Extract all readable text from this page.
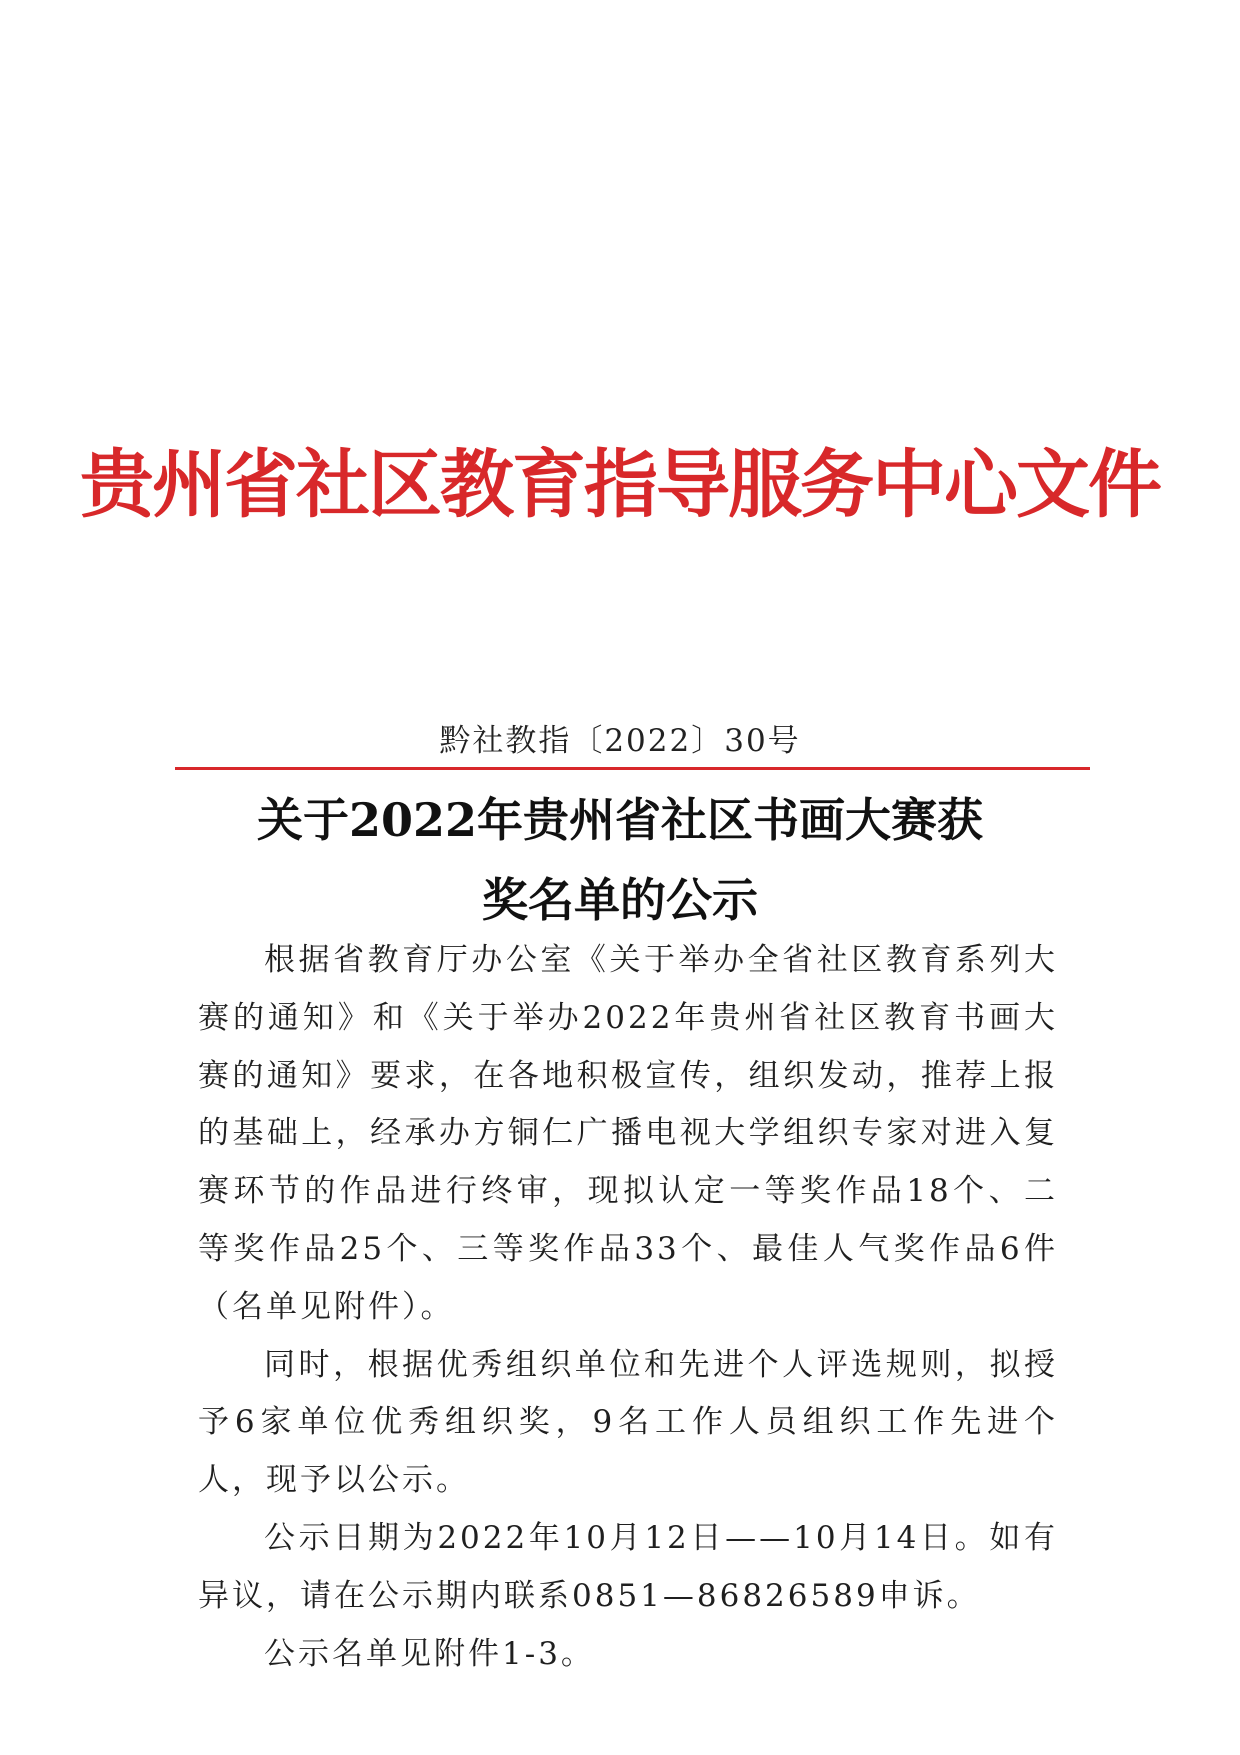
贵州省社区教育指导服务中心文件
黔社教指〔2022〕30号
关于2022年贵州省社区书画大赛获
奖名单的公示

根据省教育厅办公室《关于举办全省社区教育系列大赛的通知》和《关于举办2022年贵州省社区教育书画大赛的通知》要求，在各地积极宣传，组织发动，推荐上报的基础上，经承办方铜仁广播电视大学组织专家对进入复赛环节的作品进行终审，现拟认定一等奖作品18个、二等奖作品25个、三等奖作品33个、最佳人气奖作品6件（名单见附件）。

同时，根据优秀组织单位和先进个人评选规则，拟授予6家单位优秀组织奖，9名工作人员组织工作先进个人，现予以公示。

公示日期为2022年10月12日——10月14日。如有异议，请在公示期内联系0851—86826589申诉。

公示名单见附件1-3。
